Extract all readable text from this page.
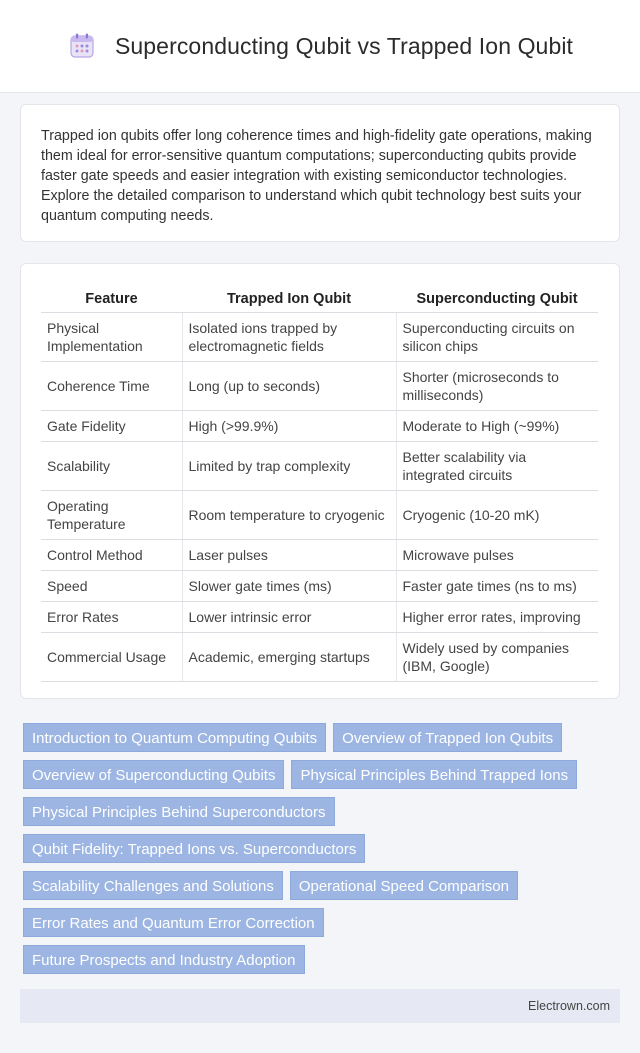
Superconducting Qubit vs Trapped Ion Qubit

Trapped ion qubits offer long coherence times and high-fidelity gate operations, making them ideal for error-sensitive quantum computations; superconducting qubits provide faster gate speeds and easier integration with existing semiconductor technologies. Explore the detailed comparison to understand which qubit technology best suits your quantum computing needs.

Feature	Trapped Ion Qubit	Superconducting Qubit
Physical Implementation	Isolated ions trapped by electromagnetic fields	Superconducting circuits on silicon chips
Coherence Time	Long (up to seconds)	Shorter (microseconds to milliseconds)
Gate Fidelity	High (>99.9%)	Moderate to High (~99%)
Scalability	Limited by trap complexity	Better scalability via integrated circuits
Operating Temperature	Room temperature to cryogenic	Cryogenic (10-20 mK)
Control Method	Laser pulses	Microwave pulses
Speed	Slower gate times (ms)	Faster gate times (ns to ms)
Error Rates	Lower intrinsic error	Higher error rates, improving
Commercial Usage	Academic, emerging startups	Widely used by companies (IBM, Google)
Introduction to Quantum Computing Qubits	Overview of Trapped Ion Qubits
Overview of Superconducting Qubits	Physical Principles Behind Trapped Ions
Physical Principles Behind Superconductors
Qubit Fidelity: Trapped Ions vs. Superconductors
Scalability Challenges and Solutions	Operational Speed Comparison
Error Rates and Quantum Error Correction
Future Prospects and Industry Adoption
Electrown.com
